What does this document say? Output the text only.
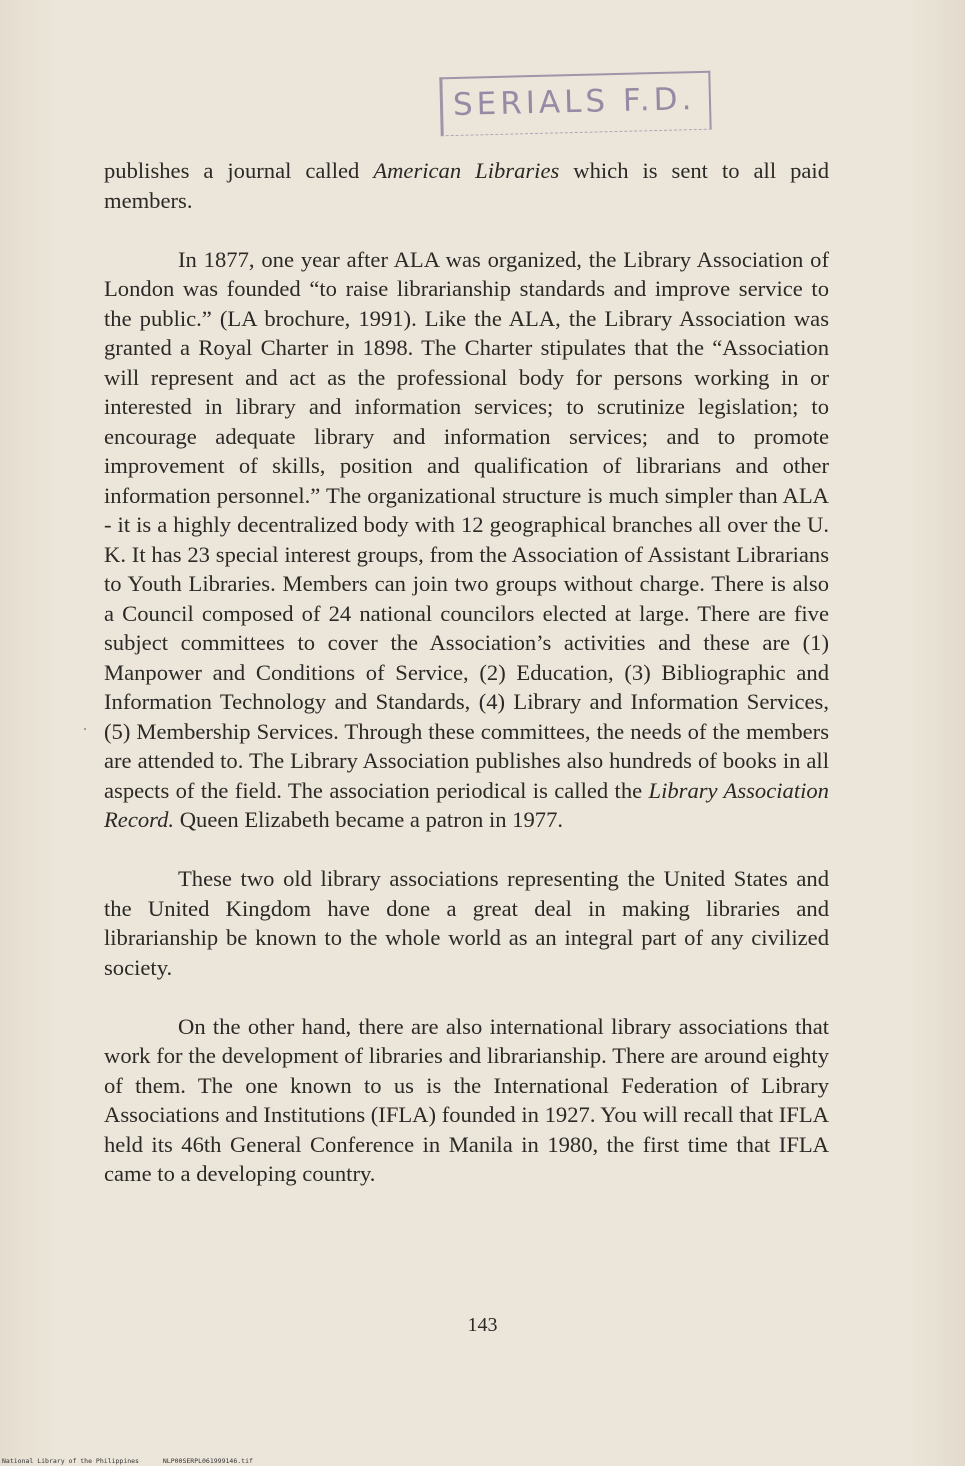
SERIALS F.D.

publishes a journal called American Libraries which is sent to all paid members.

In 1877, one year after ALA was organized, the Library Association of London was founded “to raise librarianship standards and improve service to the public.” (LA brochure, 1991). Like the ALA, the Library Association was granted a Royal Charter in 1898. The Charter stipulates that the “Association will represent and act as the professional body for persons working in or interested in library and information services; to scrutinize legislation; to encourage adequate library and information services; and to promote improvement of skills, position and qualification of librarians and other information personnel.” The organizational structure is much simpler than ALA - it is a highly decentralized body with 12 geographical branches all over the U. K. It has 23 special interest groups, from the Association of Assistant Librarians to Youth Libraries. Members can join two groups without charge. There is also a Council composed of 24 national councilors elected at large. There are five subject committees to cover the Association’s activities and these are (1) Manpower and Conditions of Service, (2) Education, (3) Bibliographic and Information Technology and Standards, (4) Library and Information Services, (5) Membership Services. Through these committees, the needs of the members are attended to. The Library Association publishes also hundreds of books in all aspects of the field. The association periodical is called the Library Association Record. Queen Elizabeth became a patron in 1977.

These two old library associations representing the United States and the United Kingdom have done a great deal in making libraries and librarianship be known to the whole world as an integral part of any civilized society.

On the other hand, there are also international library associations that work for the development of libraries and librarianship. There are around eighty of them. The one known to us is the International Federation of Library Associations and Institutions (IFLA) founded in 1927. You will recall that IFLA held its 46th General Conference in Manila in 1980, the first time that IFLA came to a developing country.

143
National Library of the Philippines	NLP00SERPL061999146.tif
